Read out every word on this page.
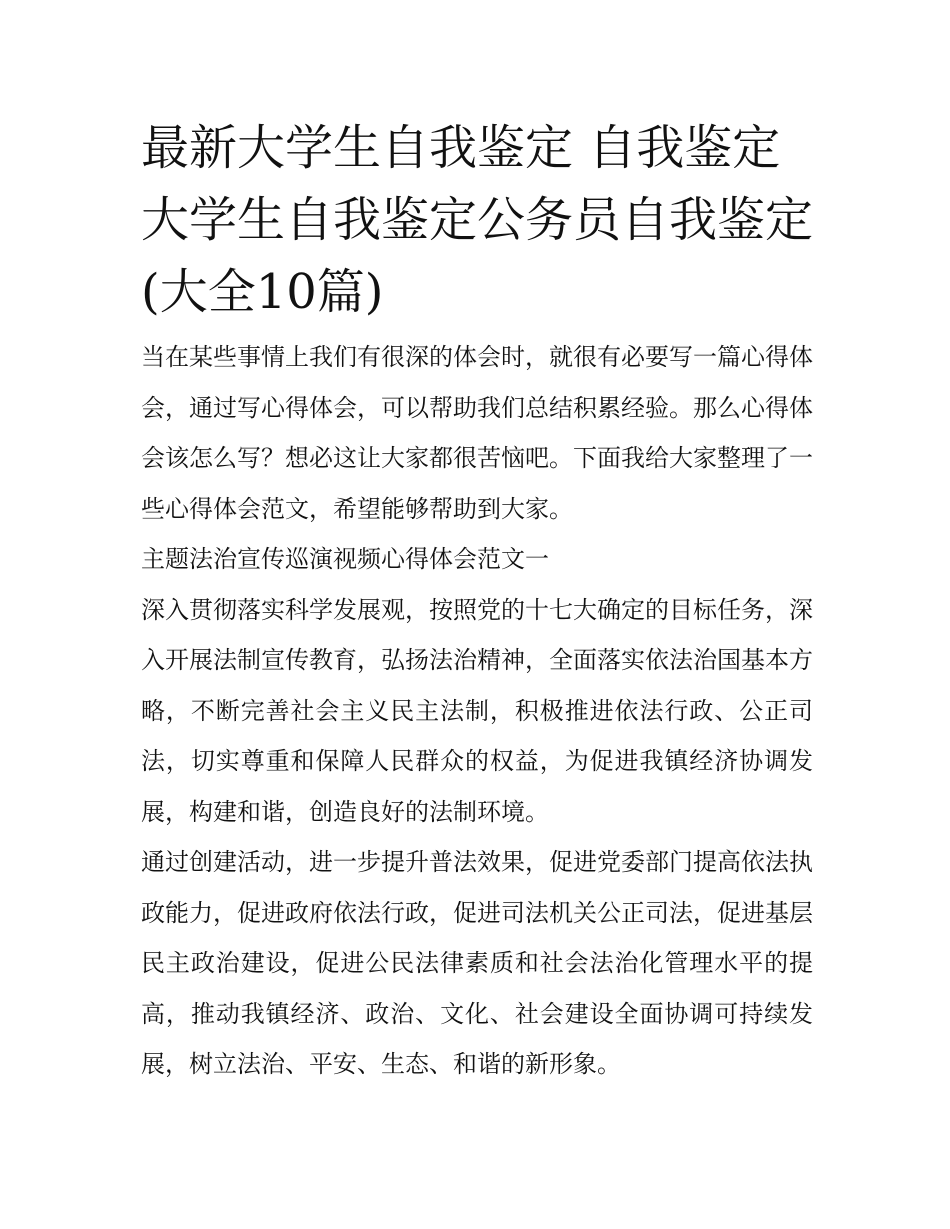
最新大学生自我鉴定 自我鉴定大学生自我鉴定公务员自我鉴定(大全10篇)

当在某些事情上我们有很深的体会时，就很有必要写一篇心得体会，通过写心得体会，可以帮助我们总结积累经验。那么心得体会该怎么写？想必这让大家都很苦恼吧。下面我给大家整理了一些心得体会范文，希望能够帮助到大家。

主题法治宣传巡演视频心得体会范文一

深入贯彻落实科学发展观，按照党的十七大确定的目标任务，深入开展法制宣传教育，弘扬法治精神，全面落实依法治国基本方略，不断完善社会主义民主法制，积极推进依法行政、公正司法，切实尊重和保障人民群众的权益，为促进我镇经济协调发展，构建和谐，创造良好的法制环境。

通过创建活动，进一步提升普法效果，促进党委部门提高依法执政能力，促进政府依法行政，促进司法机关公正司法，促进基层民主政治建设，促进公民法律素质和社会法治化管理水平的提高，推动我镇经济、政治、文化、社会建设全面协调可持续发展，树立法治、平安、生态、和谐的新形象。
